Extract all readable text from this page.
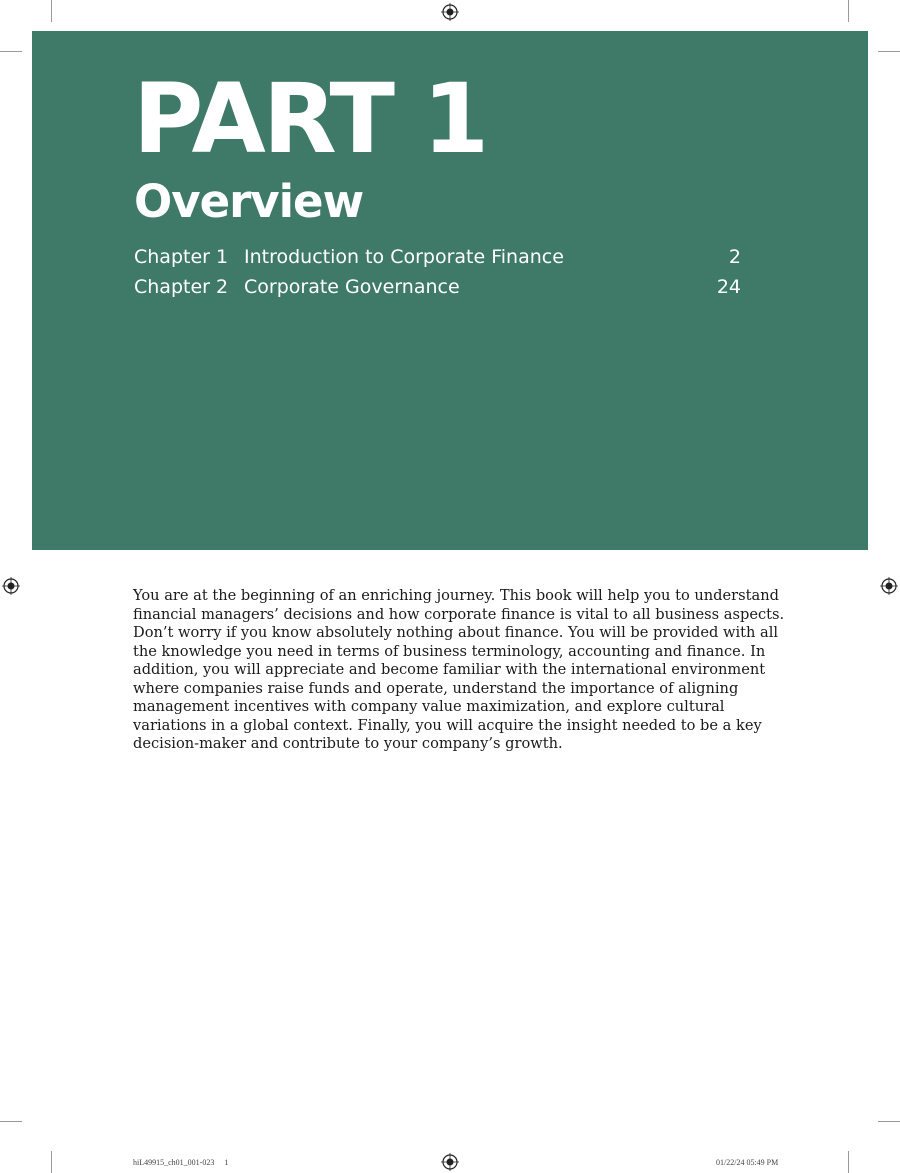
PART 1
Overview
Chapter 1 Introduction to Corporate Finance	2
Chapter 2 Corporate Governance	24

You are at the beginning of an enriching journey. This book will help you to understand financial managers’ decisions and how corporate finance is vital to all business aspects. Don’t worry if you know absolutely nothing about finance. You will be provided with all the knowledge you need in terms of business terminology, accounting and finance. In addition, you will appreciate and become familiar with the international environment where companies raise funds and operate, understand the importance of aligning management incentives with company value maximization, and explore cultural variations in a global context. Finally, you will acquire the insight needed to be a key decision-maker and contribute to your company’s growth.

hiL49915_ch01_001-023 1	01/22/24 05:49 PM
